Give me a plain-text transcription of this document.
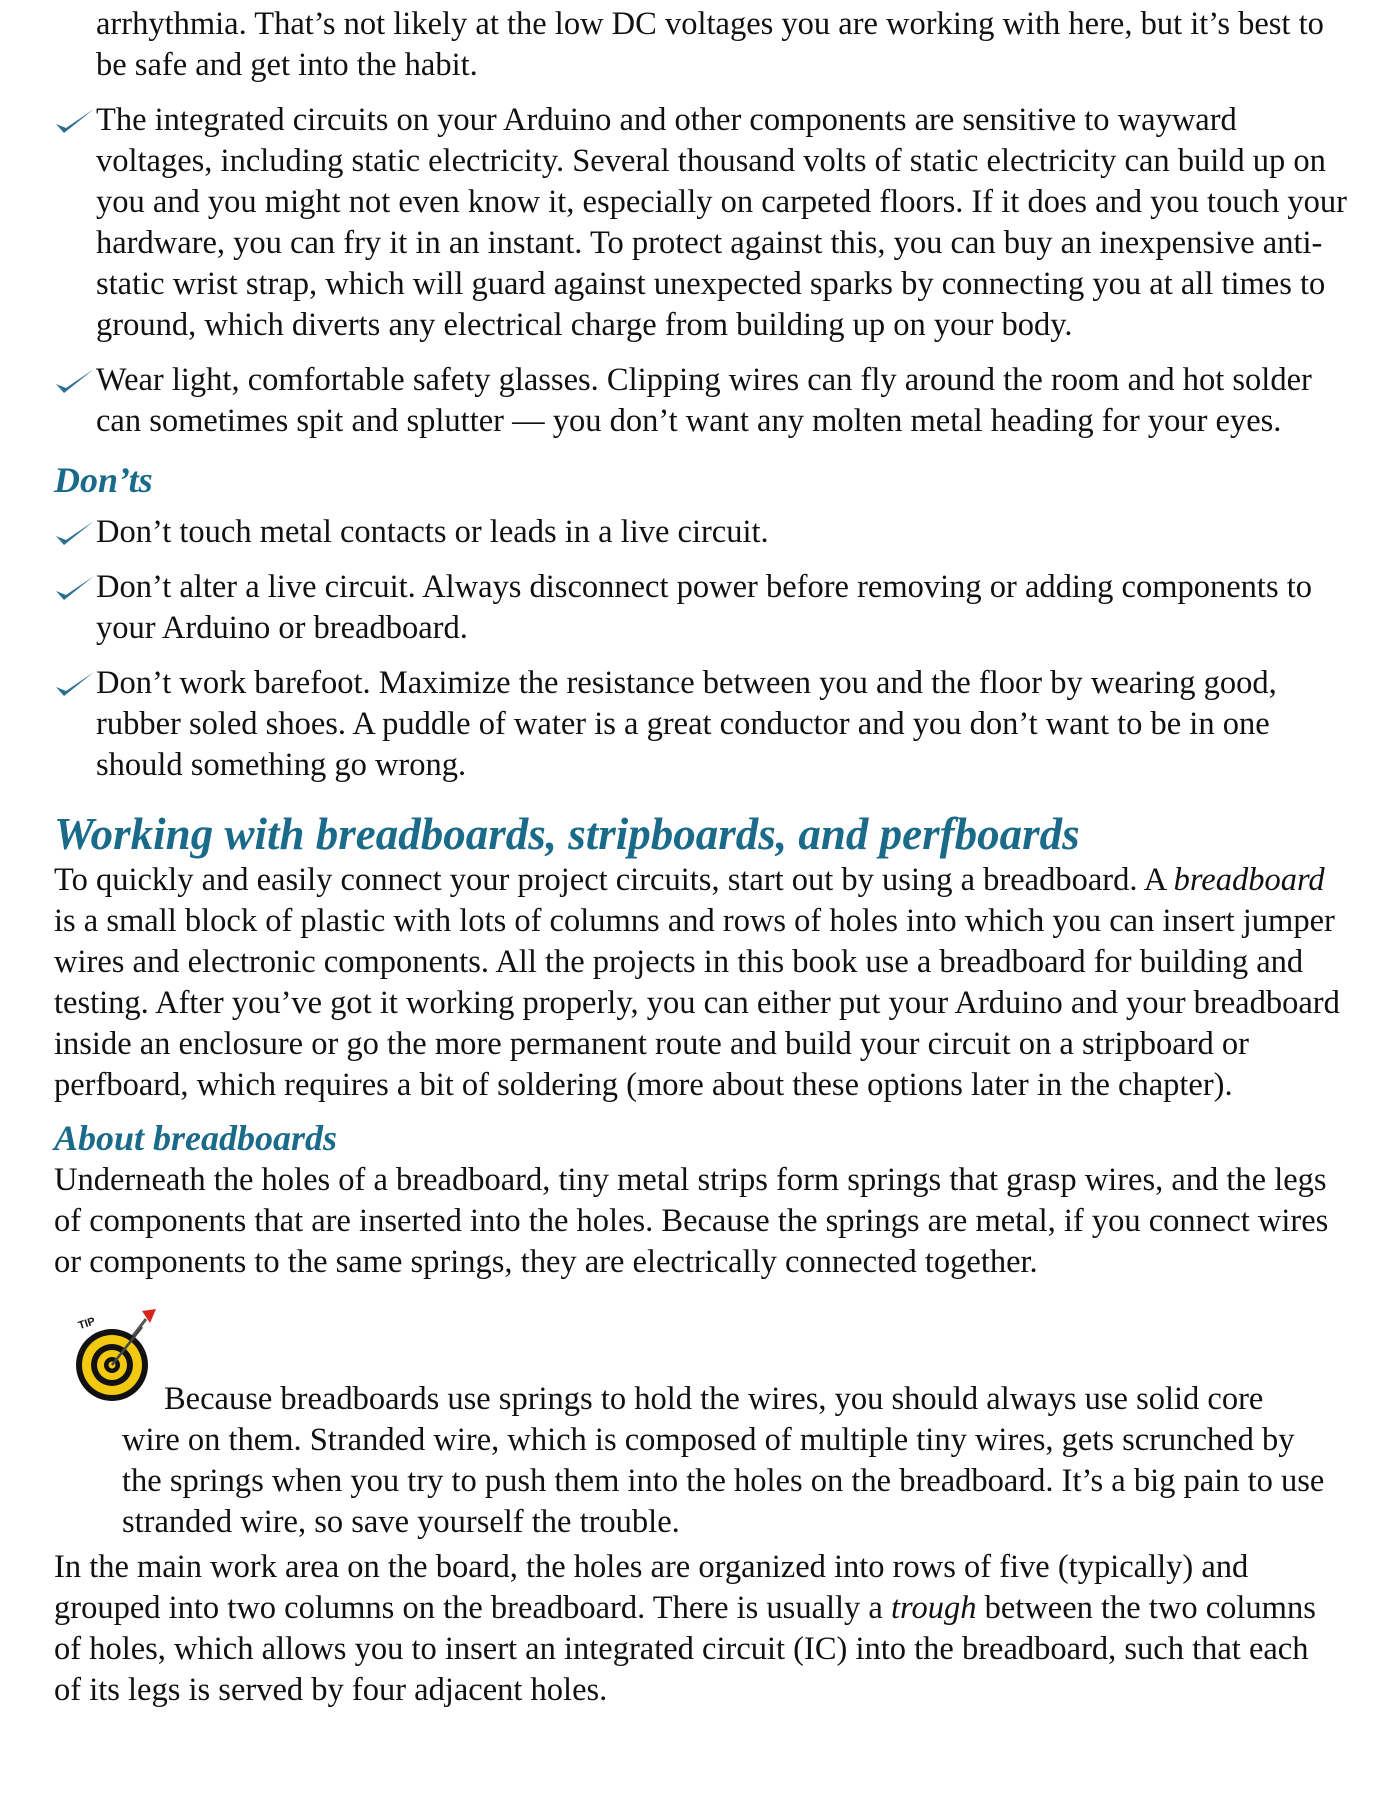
arrhythmia. That’s not likely at the low DC voltages you are working with here, but it’s best to
be safe and get into the habit.
The integrated circuits on your Arduino and other components are sensitive to wayward
voltages, including static electricity. Several thousand volts of static electricity can build up on
you and you might not even know it, especially on carpeted floors. If it does and you touch your
hardware, you can fry it in an instant. To protect against this, you can buy an inexpensive anti-
static wrist strap, which will guard against unexpected sparks by connecting you at all times to
ground, which diverts any electrical charge from building up on your body.
Wear light, comfortable safety glasses. Clipping wires can fly around the room and hot solder
can sometimes spit and splutter — you don’t want any molten metal heading for your eyes.
Don’ts
Don’t touch metal contacts or leads in a live circuit.
Don’t alter a live circuit. Always disconnect power before removing or adding components to
your Arduino or breadboard.
Don’t work barefoot. Maximize the resistance between you and the floor by wearing good,
rubber soled shoes. A puddle of water is a great conductor and you don’t want to be in one
should something go wrong.
Working with breadboards, stripboards, and perfboards
To quickly and easily connect your project circuits, start out by using a breadboard. A breadboard
is a small block of plastic with lots of columns and rows of holes into which you can insert jumper
wires and electronic components. All the projects in this book use a breadboard for building and
testing. After you’ve got it working properly, you can either put your Arduino and your breadboard
inside an enclosure or go the more permanent route and build your circuit on a stripboard or
perfboard, which requires a bit of soldering (more about these options later in the chapter).
About breadboards
Underneath the holes of a breadboard, tiny metal strips form springs that grasp wires, and the legs
of components that are inserted into the holes. Because the springs are metal, if you connect wires
or components to the same springs, they are electrically connected together.
TIP
Because breadboards use springs to hold the wires, you should always use solid core
wire on them. Stranded wire, which is composed of multiple tiny wires, gets scrunched by
the springs when you try to push them into the holes on the breadboard. It’s a big pain to use
stranded wire, so save yourself the trouble.
In the main work area on the board, the holes are organized into rows of five (typically) and
grouped into two columns on the breadboard. There is usually a trough between the two columns
of holes, which allows you to insert an integrated circuit (IC) into the breadboard, such that each
of its legs is served by four adjacent holes.
